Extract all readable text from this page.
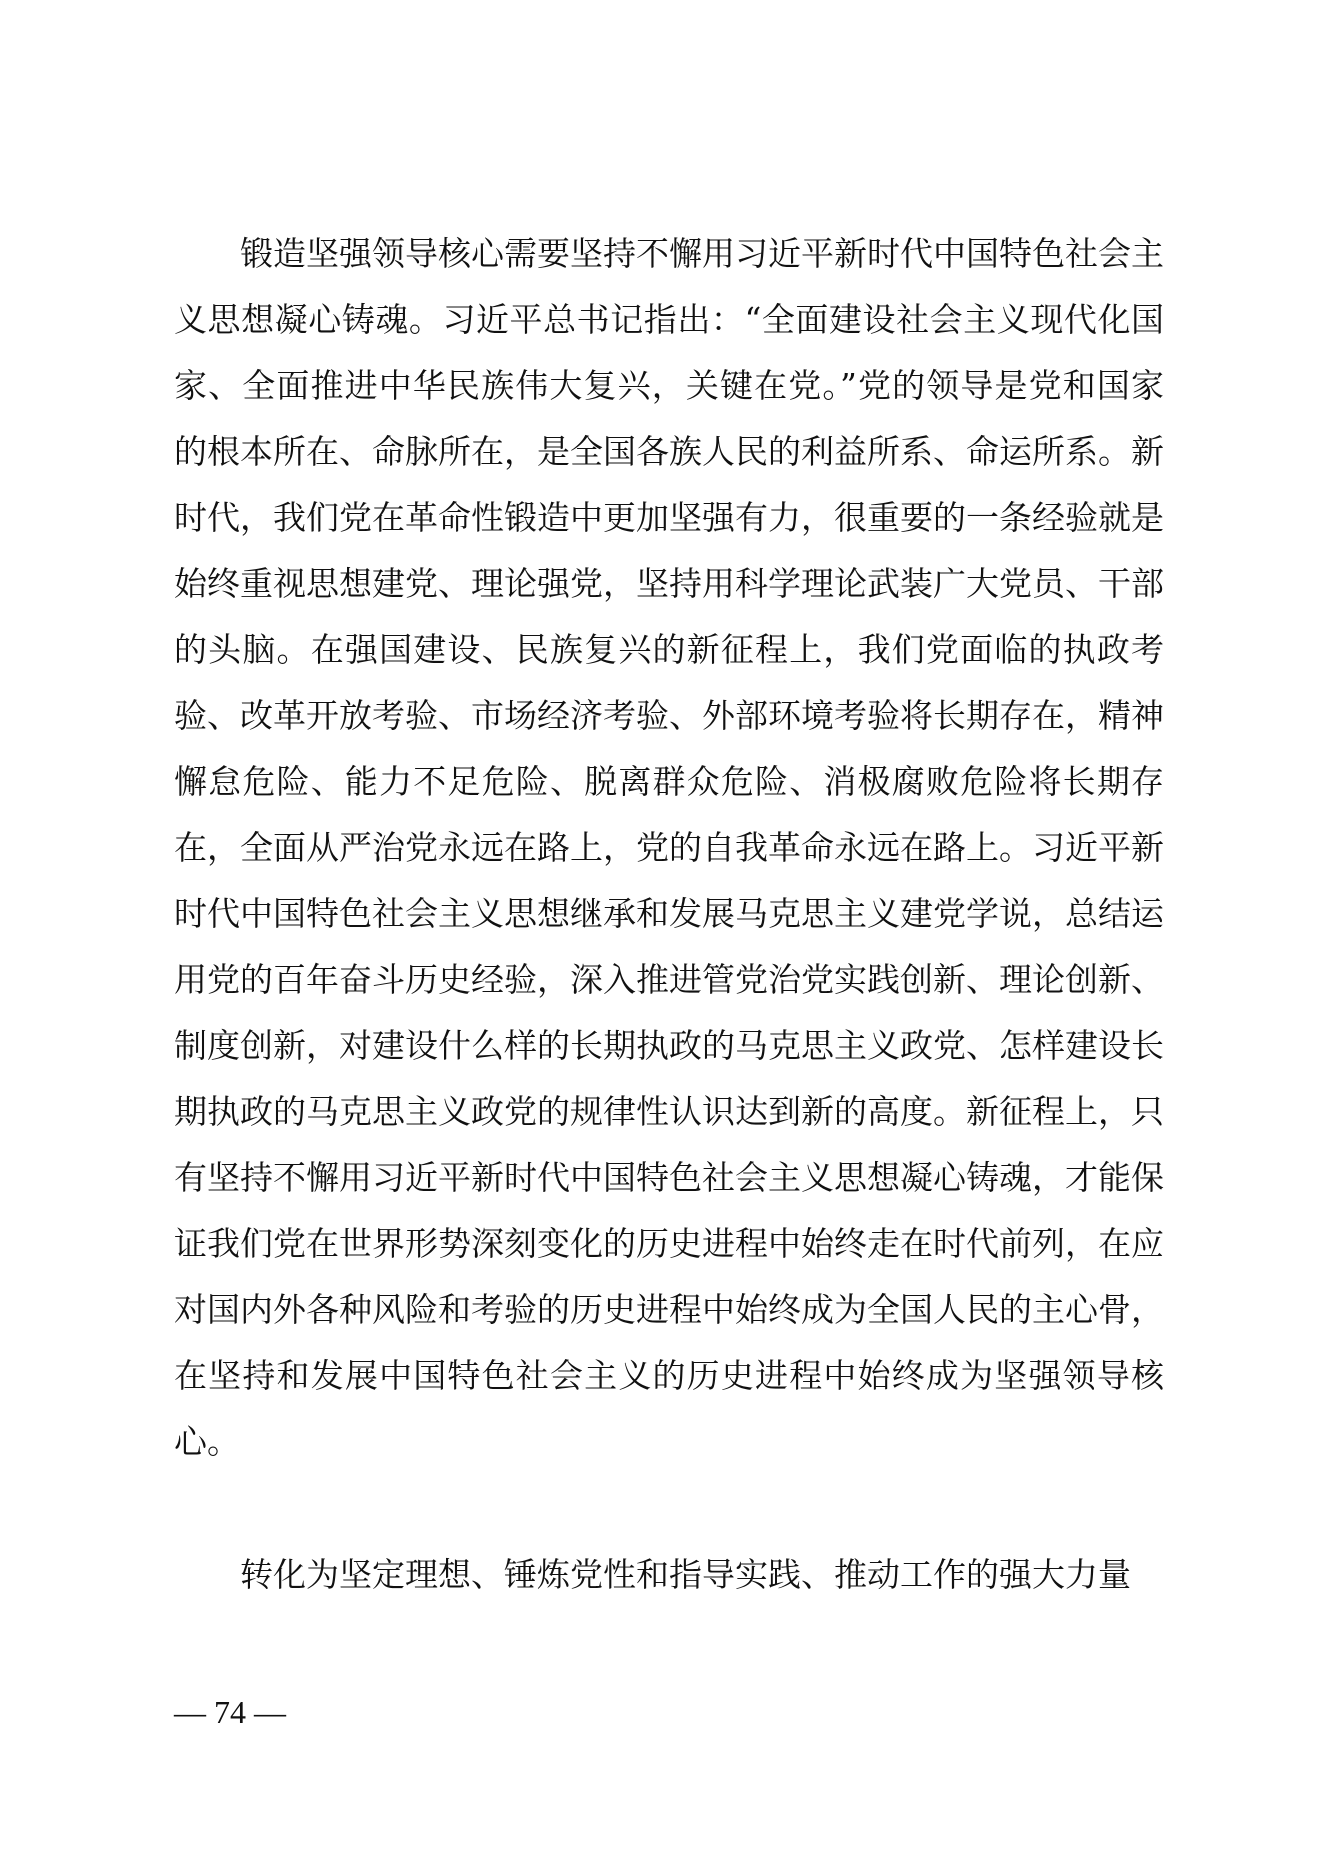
锻造坚强领导核心需要坚持不懈用习近平新时代中国特色社会主义思想凝心铸魂。习近平总书记指出：“全面建设社会主义现代化国家、全面推进中华民族伟大复兴，关键在党。”党的领导是党和国家的根本所在、命脉所在，是全国各族人民的利益所系、命运所系。新时代，我们党在革命性锻造中更加坚强有力，很重要的一条经验就是始终重视思想建党、理论强党，坚持用科学理论武装广大党员、干部的头脑。在强国建设、民族复兴的新征程上，我们党面临的执政考验、改革开放考验、市场经济考验、外部环境考验将长期存在，精神懈怠危险、能力不足危险、脱离群众危险、消极腐败危险将长期存在，全面从严治党永远在路上，党的自我革命永远在路上。习近平新时代中国特色社会主义思想继承和发展马克思主义建党学说，总结运用党的百年奋斗历史经验，深入推进管党治党实践创新、理论创新、制度创新，对建设什么样的长期执政的马克思主义政党、怎样建设长期执政的马克思主义政党的规律性认识达到新的高度。新征程上，只有坚持不懈用习近平新时代中国特色社会主义思想凝心铸魂，才能保证我们党在世界形势深刻变化的历史进程中始终走在时代前列，在应对国内外各种风险和考验的历史进程中始终成为全国人民的主心骨，在坚持和发展中国特色社会主义的历史进程中始终成为坚强领导核心。

转化为坚定理想、锤炼党性和指导实践、推动工作的强大力量

— 74 —
